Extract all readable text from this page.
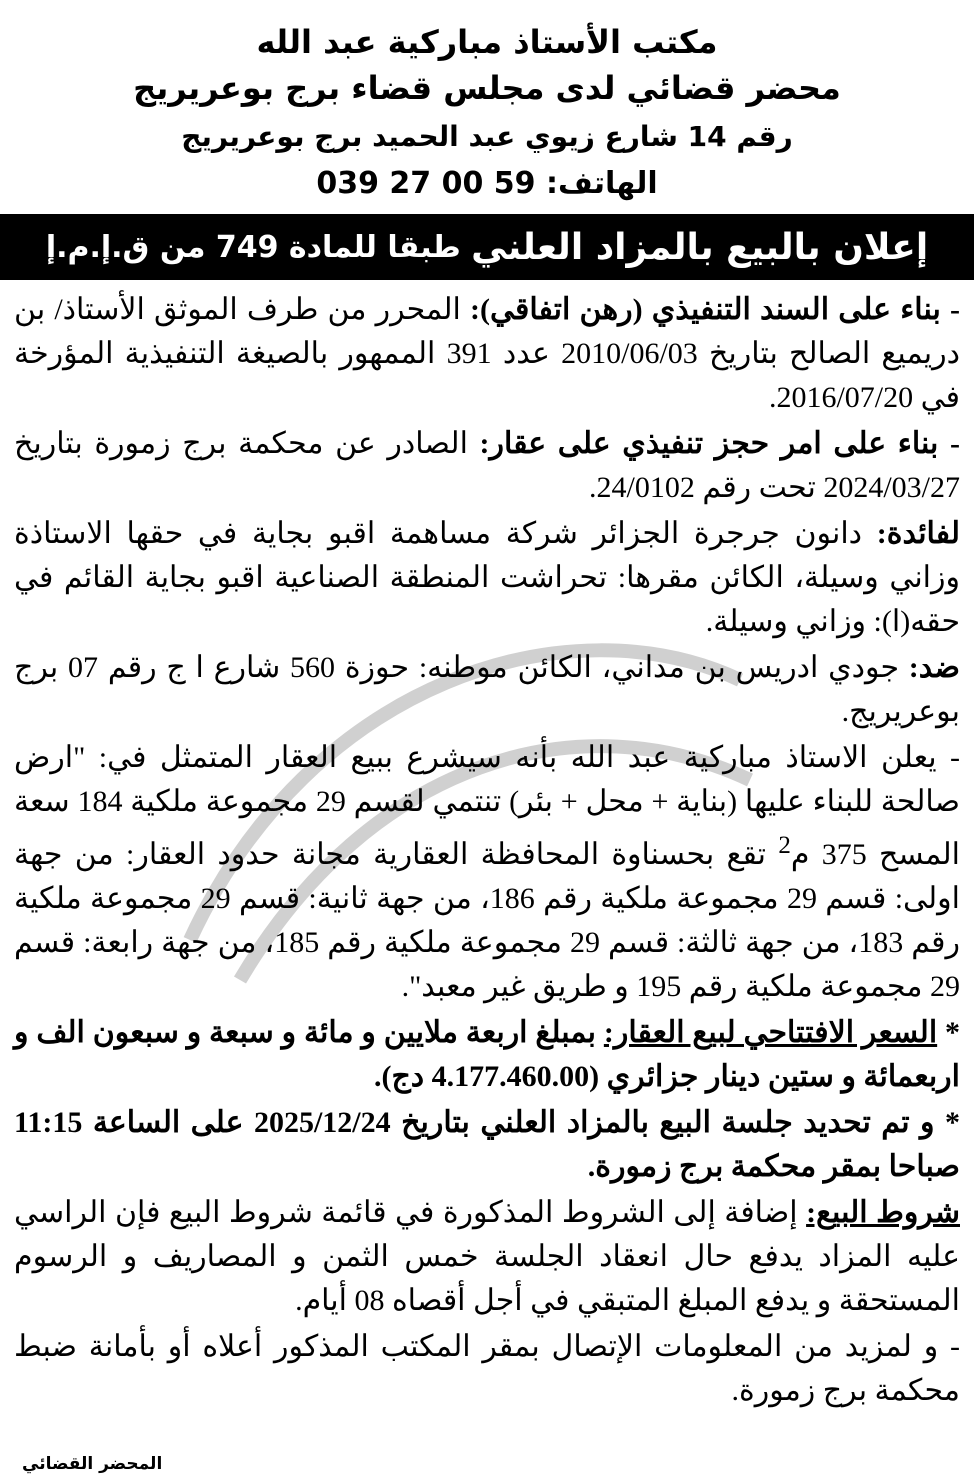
مكتب الأستاذ مباركية عبد الله
محضر قضائي لدى مجلس قضاء برج بوعريريج
رقم 14 شارع زيوي عبد الحميد برج بوعريريج
الهاتف: 039 27 00 59
إعلان بالبيع بالمزاد العلني

طبقا للمادة 749 من ق.إ.م.إ

- بناء على السند التنفيذي (رهن اتفاقي): المحرر من طرف الموثق الأستاذ/ بن دريميع الصالح بتاريخ 2010/06/03 عدد 391 الممهور بالصيغة التنفيذية المؤرخة في 2016/07/20.

- بناء على امر حجز تنفيذي على عقار: الصادر عن محكمة برج زمورة بتاريخ 2024/03/27 تحت رقم 24/0102.

لفائدة: دانون جرجرة الجزائر شركة مساهمة اقبو بجاية في حقها الاستاذة وزاني وسيلة، الكائن مقرها: تحراشت المنطقة الصناعية اقبو بجاية القائم في حقه(ا): وزاني وسيلة.

ضد: جودي ادريس بن مداني، الكائن موطنه: حوزة 560 شارع ا ج رقم 07 برج بوعريريج.

- يعلن الاستاذ مباركية عبد الله بأنه سيشرع ببيع العقار المتمثل في: "ارض صالحة للبناء عليها (بناية + محل + بئر) تنتمي لقسم 29 مجموعة ملكية 184 سعة المسح 375 م$^2$ تقع بحسناوة المحافظة العقارية مجانة حدود العقار: من جهة اولى: قسم 29 مجموعة ملكية رقم 186، من جهة ثانية: قسم 29 مجموعة ملكية رقم 183، من جهة ثالثة: قسم 29 مجموعة ملكية رقم 185، من جهة رابعة: قسم 29 مجموعة ملكية رقم 195 و طريق غير معبد".

* السعر الافتتاحي لبيع العقار: بمبلغ اربعة ملايين و مائة و سبعة و سبعون الف و اربعمائة و ستين دينار جزائري (4.177.460.00 دج).

* و تم تحديد جلسة البيع بالمزاد العلني بتاريخ 2025/12/24 على الساعة 11:15 صباحا بمقر محكمة برج زمورة.

شروط البيع: إضافة إلى الشروط المذكورة في قائمة شروط البيع فإن الراسي عليه المزاد يدفع حال انعقاد الجلسة خمس الثمن و المصاريف و الرسوم المستحقة و يدفع المبلغ المتبقي في أجل أقصاه 08 أيام.

- و لمزيد من المعلومات الإتصال بمقر المكتب المذكور أعلاه أو بأمانة ضبط محكمة برج زمورة.

المحضر القضائي
